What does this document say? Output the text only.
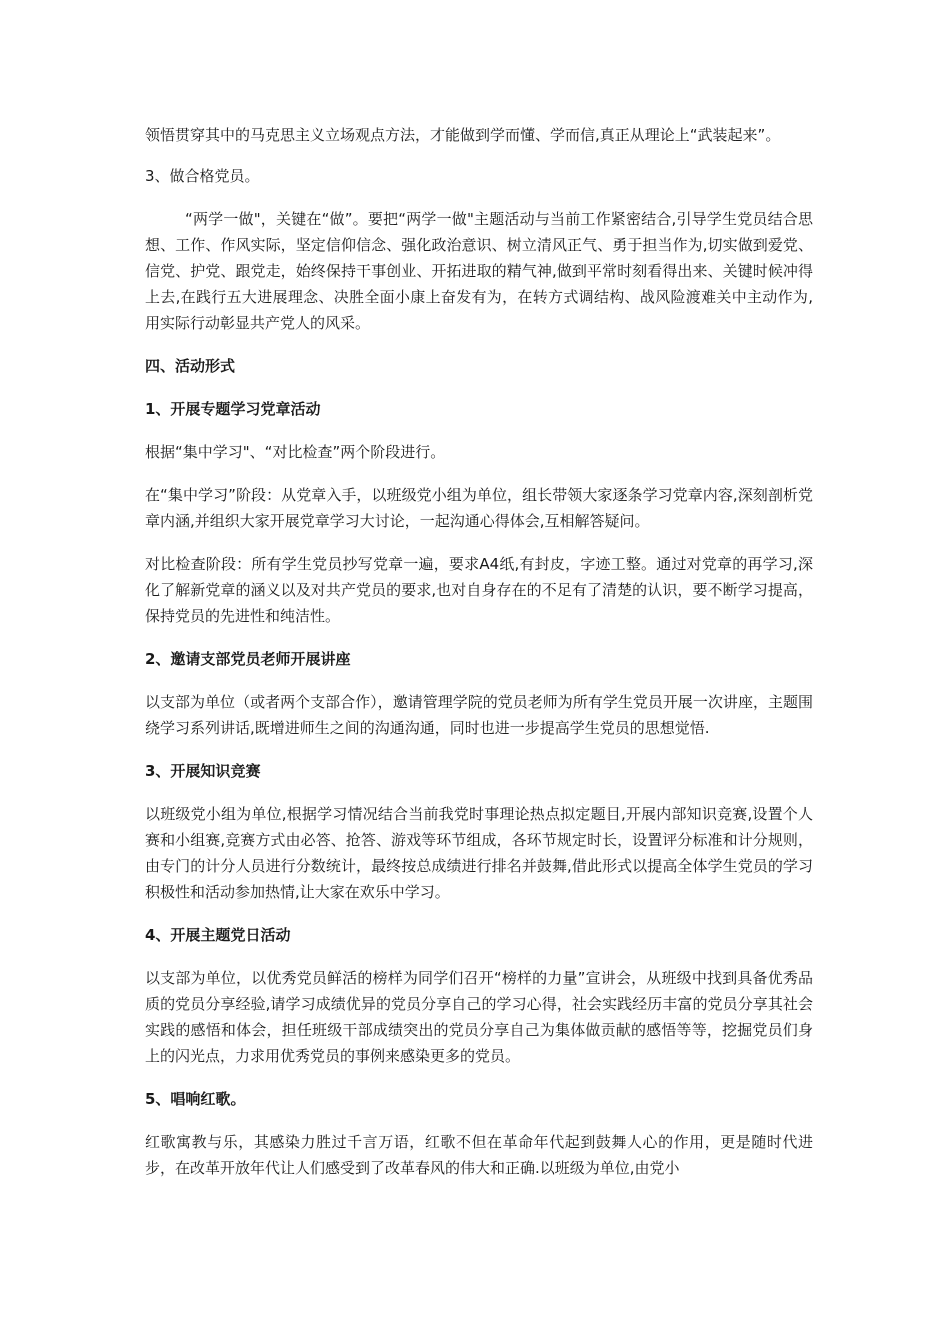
领悟贯穿其中的马克思主义立场观点方法，才能做到学而懂、学而信,真正从理论上“武装起来”。

3、做合格党员。

“两学一做"，关键在“做”。要把“两学一做"主题活动与当前工作紧密结合,引导学生党员结合思想、工作、作风实际，坚定信仰信念、强化政治意识、树立清风正气、勇于担当作为,切实做到爱党、信党、护党、跟党走，始终保持干事创业、开拓进取的精气神,做到平常时刻看得出来、关键时候冲得上去,在践行五大进展理念、决胜全面小康上奋发有为，在转方式调结构、战风险渡难关中主动作为,用实际行动彰显共产党人的风采。

四、活动形式

1、开展专题学习党章活动

根据“集中学习"、“对比检查”两个阶段进行。

在“集中学习”阶段：从党章入手，以班级党小组为单位，组长带领大家逐条学习党章内容,深刻剖析党章内涵,并组织大家开展党章学习大讨论，一起沟通心得体会,互相解答疑问。

对比检查阶段：所有学生党员抄写党章一遍，要求A4纸,有封皮，字迹工整。通过对党章的再学习,深化了解新党章的涵义以及对共产党员的要求,也对自身存在的不足有了清楚的认识，要不断学习提高，保持党员的先进性和纯洁性。

2、邀请支部党员老师开展讲座

以支部为单位（或者两个支部合作），邀请管理学院的党员老师为所有学生党员开展一次讲座，主题围绕学习系列讲话,既增进师生之间的沟通沟通，同时也进一步提高学生党员的思想觉悟.

3、开展知识竞赛

以班级党小组为单位,根据学习情况结合当前我党时事理论热点拟定题目,开展内部知识竞赛,设置个人赛和小组赛,竞赛方式由必答、抢答、游戏等环节组成，各环节规定时长，设置评分标准和计分规则，由专门的计分人员进行分数统计，最终按总成绩进行排名并鼓舞,借此形式以提高全体学生党员的学习积极性和活动参加热情,让大家在欢乐中学习。

4、开展主题党日活动

以支部为单位，以优秀党员鲜活的榜样为同学们召开“榜样的力量”宣讲会，从班级中找到具备优秀品质的党员分享经验,请学习成绩优异的党员分享自己的学习心得，社会实践经历丰富的党员分享其社会实践的感悟和体会，担任班级干部成绩突出的党员分享自己为集体做贡献的感悟等等，挖掘党员们身上的闪光点，力求用优秀党员的事例来感染更多的党员。

5、唱响红歌。

红歌寓教与乐，其感染力胜过千言万语，红歌不但在革命年代起到鼓舞人心的作用，更是随时代进步，在改革开放年代让人们感受到了改革春风的伟大和正确.以班级为单位,由党小
